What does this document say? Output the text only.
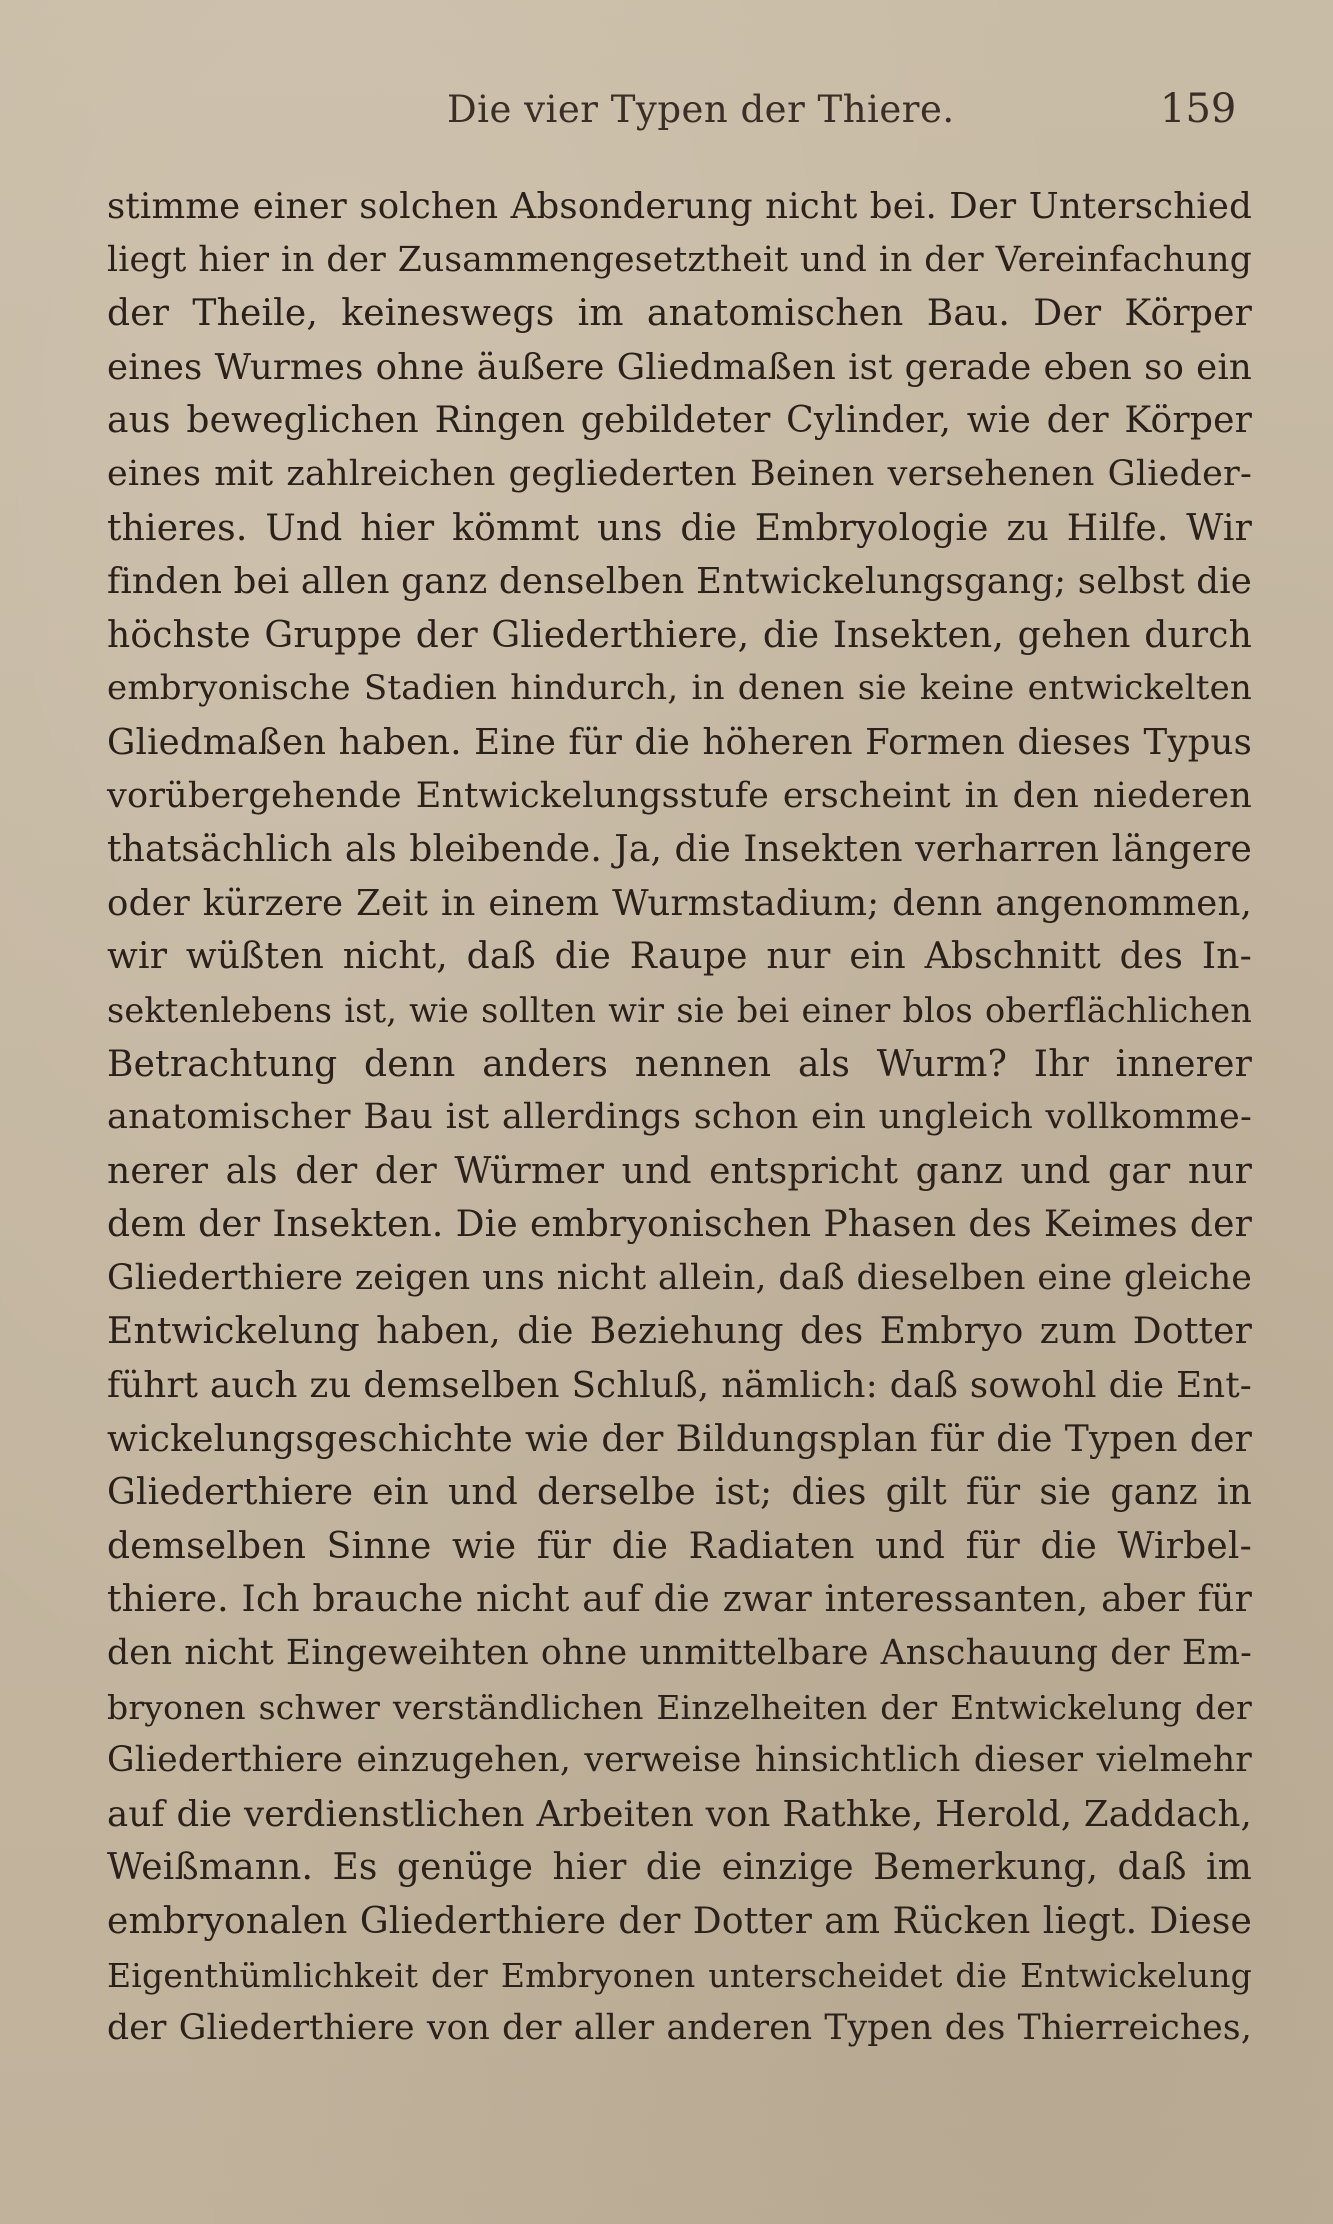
Die vier Typen der Thiere.	159
stimme einer solchen Absonderung nicht bei. Der Unterschied
liegt hier in der Zusammengesetztheit und in der Vereinfachung
der Theile, keineswegs im anatomischen Bau. Der Körper
eines Wurmes ohne äußere Gliedmaßen ist gerade eben so ein
aus beweglichen Ringen gebildeter Cylinder, wie der Körper
eines mit zahlreichen gegliederten Beinen versehenen Glieder-
thieres. Und hier kömmt uns die Embryologie zu Hilfe. Wir
finden bei allen ganz denselben Entwickelungsgang; selbst die
höchste Gruppe der Gliederthiere, die Insekten, gehen durch
embryonische Stadien hindurch, in denen sie keine entwickelten
Gliedmaßen haben. Eine für die höheren Formen dieses Typus
vorübergehende Entwickelungsstufe erscheint in den niederen
thatsächlich als bleibende. Ja, die Insekten verharren längere
oder kürzere Zeit in einem Wurmstadium; denn angenommen,
wir wüßten nicht, daß die Raupe nur ein Abschnitt des In-
sektenlebens ist, wie sollten wir sie bei einer blos oberflächlichen
Betrachtung denn anders nennen als Wurm? Ihr innerer
anatomischer Bau ist allerdings schon ein ungleich vollkomme-
nerer als der der Würmer und entspricht ganz und gar nur
dem der Insekten. Die embryonischen Phasen des Keimes der
Gliederthiere zeigen uns nicht allein, daß dieselben eine gleiche
Entwickelung haben, die Beziehung des Embryo zum Dotter
führt auch zu demselben Schluß, nämlich: daß sowohl die Ent-
wickelungsgeschichte wie der Bildungsplan für die Typen der
Gliederthiere ein und derselbe ist; dies gilt für sie ganz in
demselben Sinne wie für die Radiaten und für die Wirbel-
thiere. Ich brauche nicht auf die zwar interessanten, aber für
den nicht Eingeweihten ohne unmittelbare Anschauung der Em-
bryonen schwer verständlichen Einzelheiten der Entwickelung der
Gliederthiere einzugehen, verweise hinsichtlich dieser vielmehr
auf die verdienstlichen Arbeiten von Rathke, Herold, Zaddach,
Weißmann. Es genüge hier die einzige Bemerkung, daß im
embryonalen Gliederthiere der Dotter am Rücken liegt. Diese
Eigenthümlichkeit der Embryonen unterscheidet die Entwickelung
der Gliederthiere von der aller anderen Typen des Thierreiches,
